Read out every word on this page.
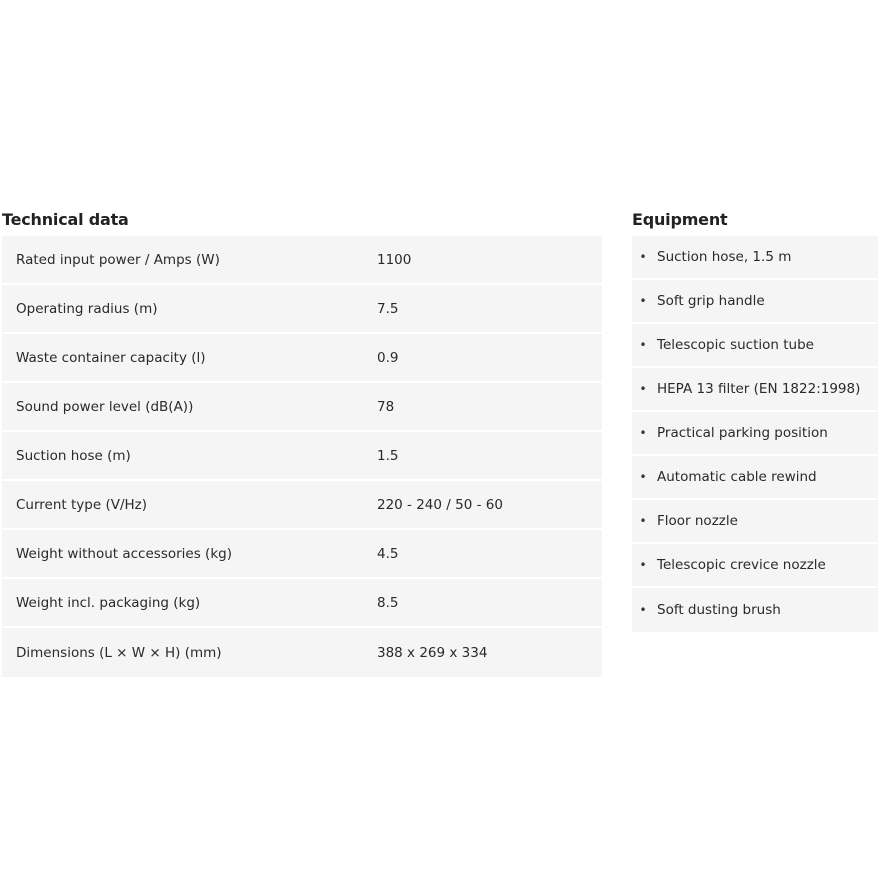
Technical data
Rated input power / Amps (W)	1100
Operating radius (m)	7.5
Waste container capacity (l)	0.9
Sound power level (dB(A))	78
Suction hose (m)	1.5
Current type (V/Hz)	220 - 240 / 50 - 60
Weight without accessories (kg)	4.5
Weight incl. packaging (kg)	8.5
Dimensions (L × W × H) (mm)	388 x 269 x 334
Equipment
• Suction hose, 1.5 m
• Soft grip handle
• Telescopic suction tube
• HEPA 13 filter (EN 1822:1998)
• Practical parking position
• Automatic cable rewind
• Floor nozzle
• Telescopic crevice nozzle
• Soft dusting brush
